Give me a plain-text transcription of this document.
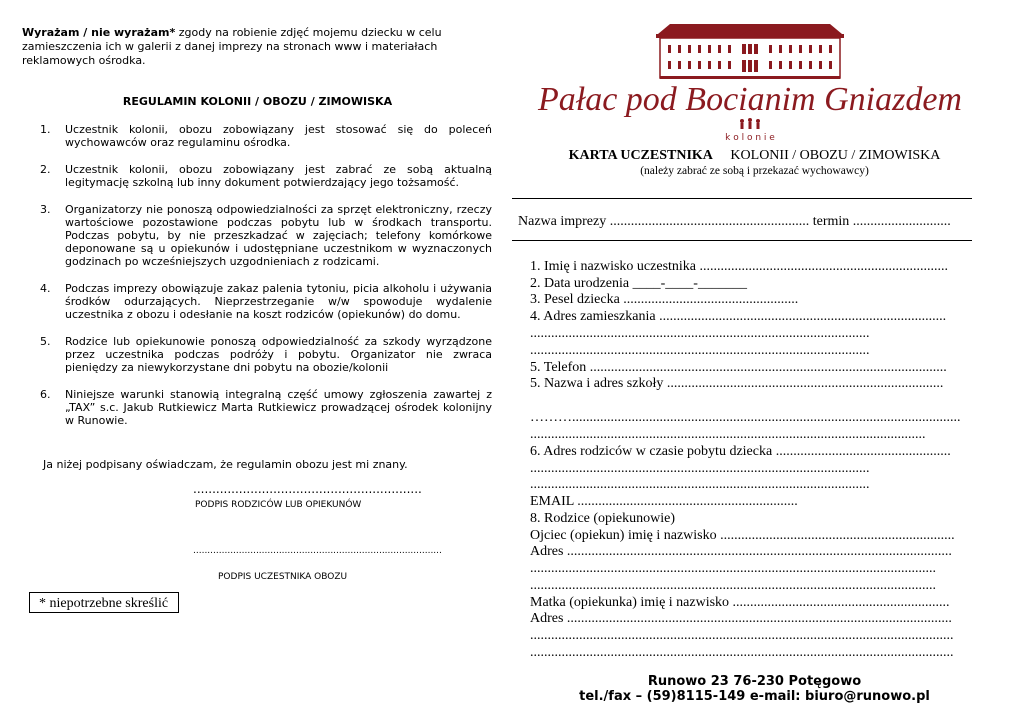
Wyrażam / nie wyrażam* zgody na robienie zdjęć mojemu dziecku w celu zamieszczenia ich w galerii z danej imprezy na stronach www i materiałach reklamowych ośrodka.
REGULAMIN KOLONII / OBOZU / ZIMOWISKA
1.	Uczestnik kolonii, obozu zobowiązany jest stosować się do poleceń wychowawców oraz regulaminu ośrodka.
2.	Uczestnik kolonii, obozu zobowiązany jest zabrać ze sobą aktualną legitymację szkolną lub inny dokument potwierdzający jego tożsamość.
3.	Organizatorzy nie ponoszą odpowiedzialności za sprzęt elektroniczny, rzeczy wartościowe pozostawione podczas pobytu lub w środkach transportu. Podczas pobytu, by nie przeszkadzać w zajęciach; telefony komórkowe deponowane są u opiekunów i udostępniane uczestnikom w wyznaczonych godzinach po wcześniejszych uzgodnieniach z rodzicami.
4.	Podczas imprezy obowiązuje zakaz palenia tytoniu, picia alkoholu i używania środków odurzających. Nieprzestrzeganie w/w spowoduje wydalenie uczestnika z obozu i odesłanie na koszt rodziców (opiekunów) do domu.
5.	Rodzice lub opiekunowie ponoszą odpowiedzialność za szkody wyrządzone przez uczestnika podczas podróży i pobytu. Organizator nie zwraca pieniędzy za niewykorzystane dni pobytu na obozie/kolonii
6.	Niniejsze warunki stanowią integralną część umowy zgłoszenia zawartej z „TAX” s.c. Jakub Rutkiewicz Marta Rutkiewicz prowadzącej ośrodek kolonijny w Runowie.
Ja niżej podpisany oświadczam, że regulamin obozu jest mi znany.
............................................................
PODPIS RODZICÓW LUB OPIEKUNÓW
.......................................................................................
PODPIS UCZESTNIKA OBOZU
* niepotrzebne skreślić
Pałac pod Bocianim Gniazdem
k o l o n i e
KARTA UCZESTNIKA     KOLONII / OBOZU / ZIMOWISKA
(należy zabrać ze sobą i przekazać wychowawcy)
Nazwa imprezy ......................................................... termin ............................
1. Imię i nazwisko uczestnika .......................................................................
2. Data urodzenia ____-____-_______
3. Pesel dziecka ..................................................
4. Adres zamieszkania ..................................................................................
.................................................................................................
.................................................................................................
5. Telefon ......................................................................................................
5. Nazwa i adres szkoły ...............................................................................
………...............................................................................................................
.................................................................................................................
6. Adres rodziców w czasie pobytu dziecka ..................................................
.................................................................................................
.................................................................................................
EMAIL ...............................................................
8. Rodzice (opiekunowie)
Ojciec (opiekun) imię i nazwisko ...................................................................
Adres ..............................................................................................................
....................................................................................................................
....................................................................................................................
Matka (opiekunka) imię i nazwisko ..............................................................
Adres ..............................................................................................................
.........................................................................................................................
.........................................................................................................................
Runowo 23 76-230 Potęgowo
tel./fax – (59)8115-149 e-mail: biuro@runowo.pl
